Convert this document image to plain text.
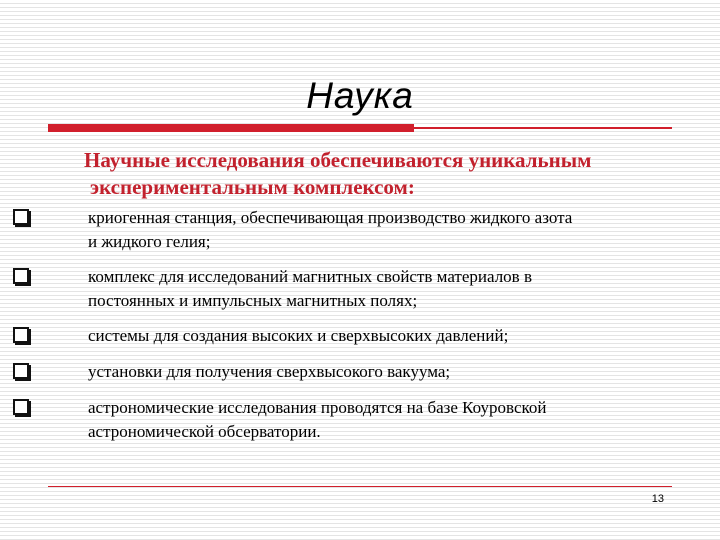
Наука
Научные исследования обеспечиваются уникальным
экспериментальным комплексом:
криогенная станция, обеспечивающая производство жидкого азота
и жидкого гелия;
комплекс для исследований магнитных свойств материалов в
постоянных и импульсных магнитных полях;
системы для создания высоких и сверхвысоких давлений;
установки для получения сверхвысокого вакуума;
астрономические исследования проводятся на базе Коуровской
астрономической обсерватории.
13
